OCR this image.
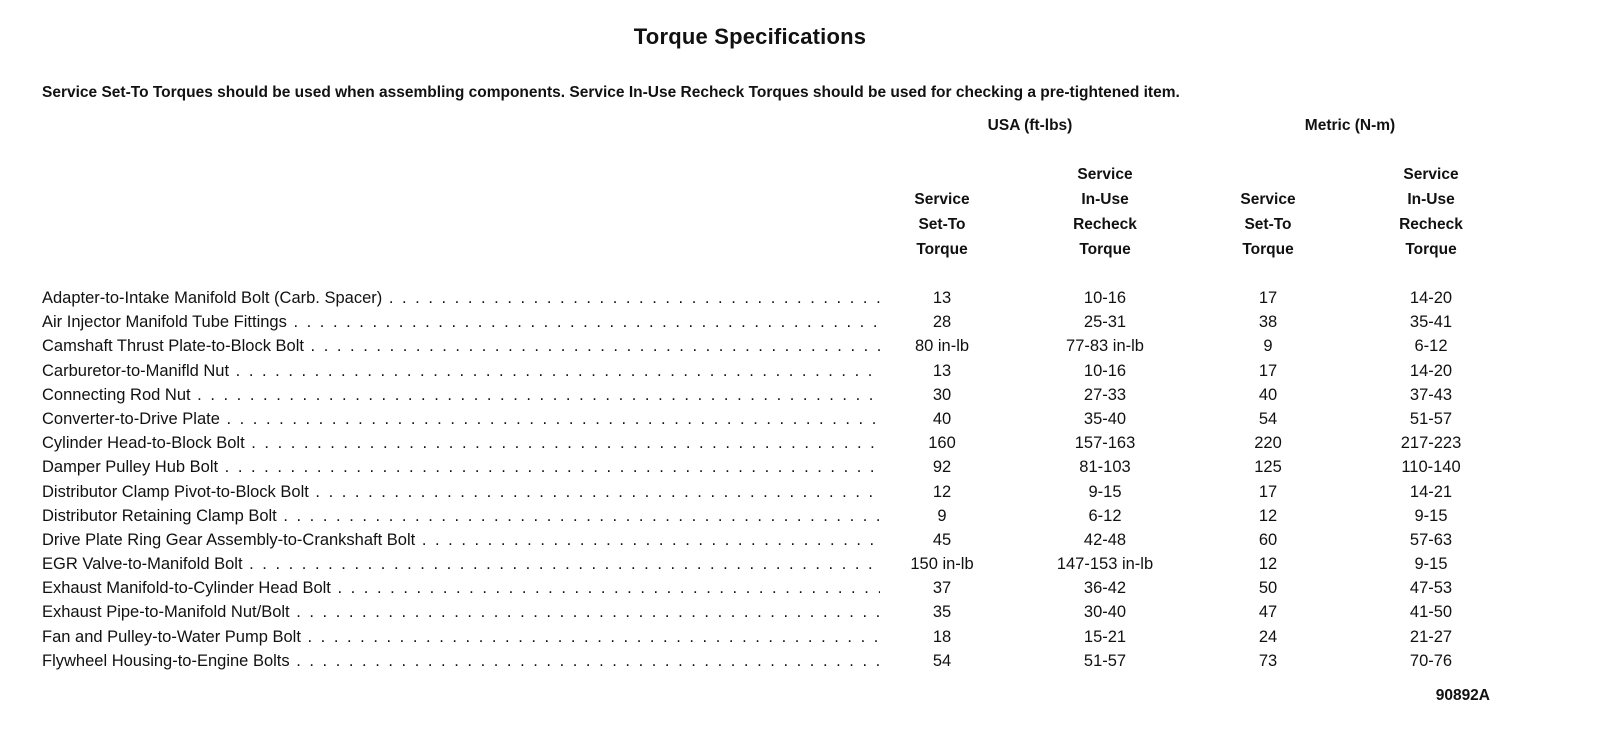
Torque Specifications
Service Set-To Torques should be used when assembling components. Service In-Use Recheck Torques should be used for checking a pre-tightened item.
USA (ft-lbs)	Metric (N-m)
Service
Set-To
Torque
Service
In-Use
Recheck
Torque
Service
Set-To
Torque
Service
In-Use
Recheck
Torque
Adapter-to-Intake Manifold Bolt (Carb. Spacer) . . .	13	10-16	17	14-20
Air Injector Manifold Tube Fittings . . .	28	25-31	38	35-41
Camshaft Thrust Plate-to-Block Bolt . . .	80 in-lb	77-83 in-lb	9	6-12
Carburetor-to-Manifld Nut . . .	13	10-16	17	14-20
Connecting Rod Nut . . .	30	27-33	40	37-43
Converter-to-Drive Plate . . .	40	35-40	54	51-57
Cylinder Head-to-Block Bolt . . .	160	157-163	220	217-223
Damper Pulley Hub Bolt . . .	92	81-103	125	110-140
Distributor Clamp Pivot-to-Block Bolt . . .	12	9-15	17	14-21
Distributor Retaining Clamp Bolt . . .	9	6-12	12	9-15
Drive Plate Ring Gear Assembly-to-Crankshaft Bolt . . .	45	42-48	60	57-63
EGR Valve-to-Manifold Bolt . . .	150 in-lb	147-153 in-lb	12	9-15
Exhaust Manifold-to-Cylinder Head Bolt . . .	37	36-42	50	47-53
Exhaust Pipe-to-Manifold Nut/Bolt . . .	35	30-40	47	41-50
Fan and Pulley-to-Water Pump Bolt . . .	18	15-21	24	21-27
Flywheel Housing-to-Engine Bolts . . .	54	51-57	73	70-76
90892A
